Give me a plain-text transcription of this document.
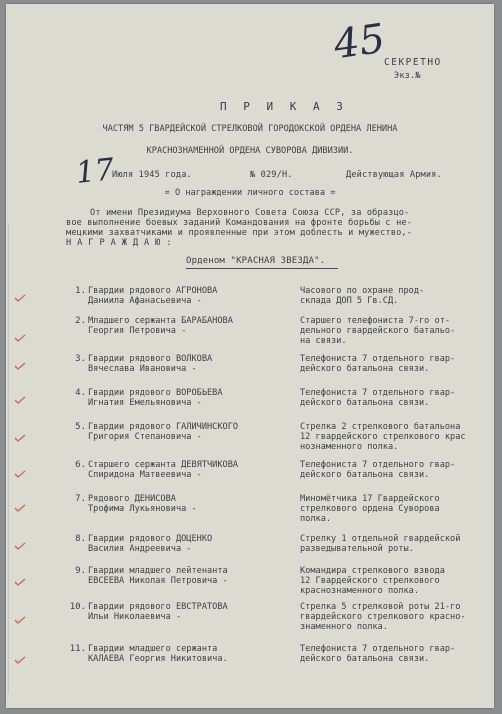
45
СЕКРЕТНО
Экз.№
П Р И К А З
ЧАСТЯМ 5 ГВАРДЕЙСКОЙ СТРЕЛКОВОЙ ГОРОДОКСКОЙ ОРДЕНА ЛЕНИНА
КРАСНОЗНАМЕННОЙ ОРДЕНА СУВОРОВА ДИВИЗИИ.
17
Июля 1945 года.	№ 029/Н.	Действующая Армия.
= О награждении личного состава =
От имени Президиума Верховного Совета Союза ССР, за образцо-
вое выполнение боевых заданий Командования на фронте борьбы с не-
мецкими захватчиками и проявленные при этом доблесть и мужество,-
Н А Г Р А Ж Д А Ю :
Орденом "КРАСНАЯ ЗВЕЗДА".
1. Гвардии рядового АГРОНОВА
Даниила Афанасьевича -
Часового по охране прод-
склада ДОП 5 Гв.СД.
2. Младшего сержанта БАРАБАНОВА
Георгия Петровича -
Старшего телефониста 7-го от-
дельного гвардейского батальо-
на связи.
3. Гвардии рядового ВОЛКОВА
Вячеслава Ивановича -
Телефониста 7 отдельного гвар-
дейского батальона связи.
4. Гвардии рядового ВОРОБЬЕВА
Игнатия Емельяновича -
Телефониста 7 отдельного гвар-
дейского батальона связи.
5. Гвардии рядового ГАЛИЧИНСКОГО
Григория Степановича -
Стрелка 2 стрелкового батальона
12 гвардейского стрелкового крас
нознаменного полка.
6. Старшего сержанта ДЕВЯТЧИКОВА
Спиридона Матвеевича -
Телефониста 7 отдельного гвар-
дейского батальона связи.
7. Рядового ДЕНИСОВА
Трофима Лукьяновича -
Миномётчика 17 Гвардейского
стрелкового ордена Суворова
полка.
8. Гвардии рядового ДОЦЕНКО
Василия Андреевича -
Стрелку 1 отдельной гвардейской
разведывательной роты.
9. Гвардии младшего лейтенанта
ЕВСЕЕВА Николая Петровича -
Командира стрелкового взвода
12 Гвардейского стрелкового
краснознаменного полка.
10. Гвардии рядового ЕВСТРАТОВА
Ильи Николаевича -
Стрелка 5 стрелковой роты 21-го
гвардейского стрелкового красно-
знаменного полка.
11. Гвардии младшего сержанта
КАЛАЕВА Георгия Никитовича.
Телефониста 7 отдельного гвар-
дейского батальона связи.
